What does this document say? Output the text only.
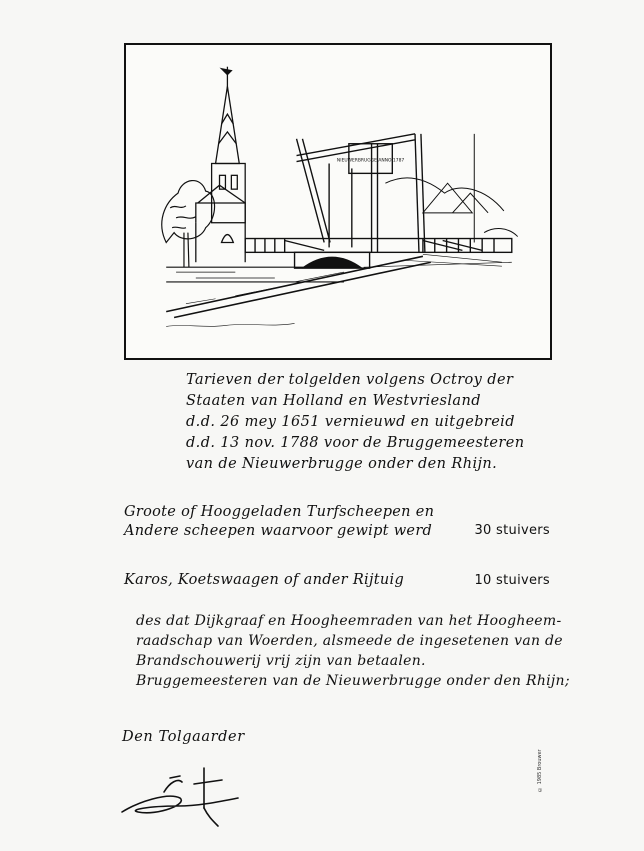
NIEUWERBRUGGE ANNO 1787
Tarieven der tolgelden volgens Octroy der
Staaten van Holland en Westvriesland
d.d. 26 mey 1651 vernieuwd en uitgebreid
d.d. 13 nov. 1788 voor de Bruggemeesteren
van de Nieuwerbrugge onder den Rhijn.
Groote of Hooggeladen Turfscheepen en
Andere scheepen waarvoor gewipt werd	30 stuivers
Karos, Koetswaagen of ander Rijtuig	10 stuivers
des dat Dijkgraaf en Hoogheemraden van het Hoogheem-
raadschap van Woerden, alsmeede de ingesetenen van de
Brandschouwerij vrij zijn van betaalen.
Bruggemeesteren van de Nieuwerbrugge onder den Rhijn;
Den Tolgaarder
© 1985 Brouwer
